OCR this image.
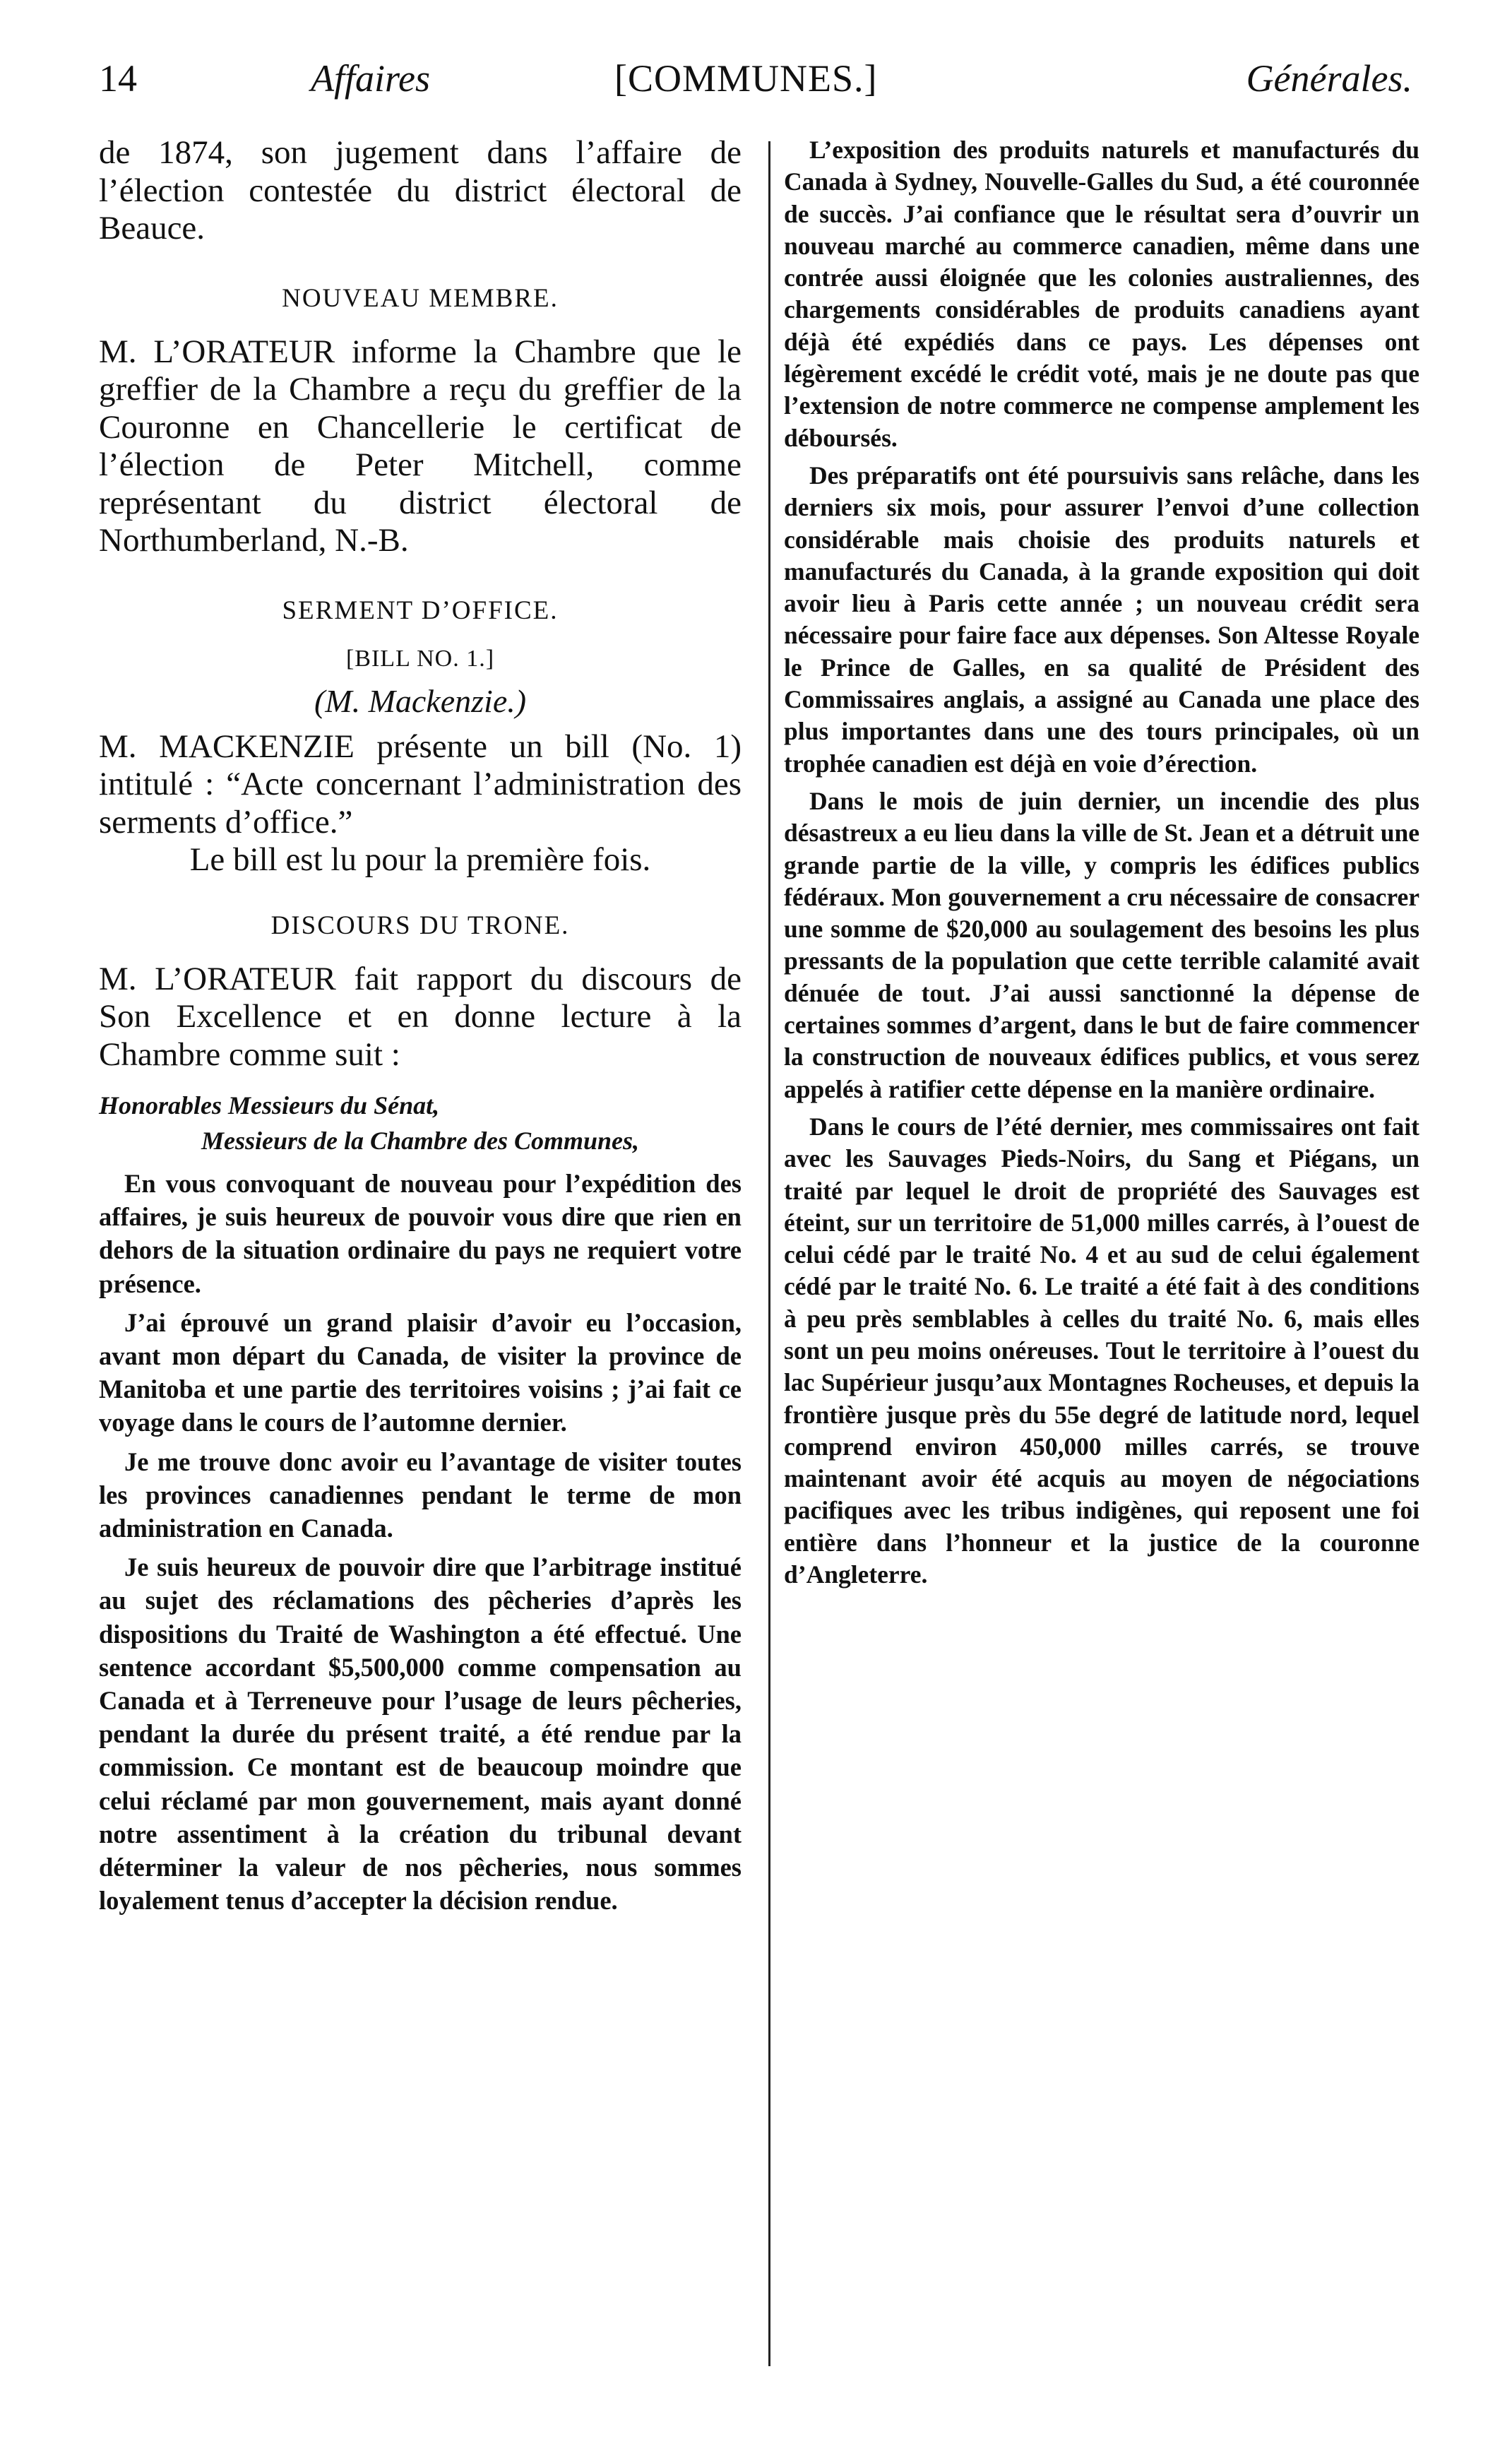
14	Affaires	[COMMUNES.]	Générales.

de 1874, son jugement dans l’affaire de l’élection contestée du district électoral de Beauce.

NOUVEAU MEMBRE.

M. L’ORATEUR informe la Chambre que le greffier de la Chambre a reçu du greffier de la Couronne en Chancellerie le certificat de l’élection de Peter Mitchell, comme représentant du district électoral de Northumberland, N.-B.

SERMENT D’OFFICE.
[BILL NO. 1.]
(M. Mackenzie.)

M. MACKENZIE présente un bill (No. 1) intitulé : “Acte concernant l’administration des serments d’office.”

Le bill est lu pour la première fois.

DISCOURS DU TRONE.

M. L’ORATEUR fait rapport du discours de Son Excellence et en donne lecture à la Chambre comme suit :

Honorables Messieurs du Sénat,
Messieurs de la Chambre des Communes,

En vous convoquant de nouveau pour l’expédition des affaires, je suis heureux de pouvoir vous dire que rien en dehors de la situation ordinaire du pays ne requiert votre présence.

J’ai éprouvé un grand plaisir d’avoir eu l’occasion, avant mon départ du Canada, de visiter la province de Manitoba et une partie des territoires voisins ; j’ai fait ce voyage dans le cours de l’automne dernier.

Je me trouve donc avoir eu l’avantage de visiter toutes les provinces canadiennes pendant le terme de mon administration en Canada.

Je suis heureux de pouvoir dire que l’arbitrage institué au sujet des réclamations des pêcheries d’après les dispositions du Traité de Washington a été effectué. Une sentence accordant $5,500,000 comme compensation au Canada et à Terreneuve pour l’usage de leurs pêcheries, pendant la durée du présent traité, a été rendue par la commission. Ce montant est de beaucoup moindre que celui réclamé par mon gouvernement, mais ayant donné notre assentiment à la création du tribunal devant déterminer la valeur de nos pêcheries, nous sommes loyalement tenus d’accepter la décision rendue.

L’exposition des produits naturels et manufacturés du Canada à Sydney, Nouvelle-Galles du Sud, a été couronnée de succès. J’ai confiance que le résultat sera d’ouvrir un nouveau marché au commerce canadien, même dans une contrée aussi éloignée que les colonies australiennes, des chargements considérables de produits canadiens ayant déjà été expédiés dans ce pays. Les dépenses ont légèrement excédé le crédit voté, mais je ne doute pas que l’extension de notre commerce ne compense amplement les déboursés.

Des préparatifs ont été poursuivis sans relâche, dans les derniers six mois, pour assurer l’envoi d’une collection considérable mais choisie des produits naturels et manufacturés du Canada, à la grande exposition qui doit avoir lieu à Paris cette année ; un nouveau crédit sera nécessaire pour faire face aux dépenses. Son Altesse Royale le Prince de Galles, en sa qualité de Président des Commissaires anglais, a assigné au Canada une place des plus importantes dans une des tours principales, où un trophée canadien est déjà en voie d’érection.

Dans le mois de juin dernier, un incendie des plus désastreux a eu lieu dans la ville de St. Jean et a détruit une grande partie de la ville, y compris les édifices publics fédéraux. Mon gouvernement a cru nécessaire de consacrer une somme de $20,000 au soulagement des besoins les plus pressants de la population que cette terrible calamité avait dénuée de tout. J’ai aussi sanctionné la dépense de certaines sommes d’argent, dans le but de faire commencer la construction de nouveaux édifices publics, et vous serez appelés à ratifier cette dépense en la manière ordinaire.

Dans le cours de l’été dernier, mes commissaires ont fait avec les Sauvages Pieds-Noirs, du Sang et Piégans, un traité par lequel le droit de propriété des Sauvages est éteint, sur un territoire de 51,000 milles carrés, à l’ouest de celui cédé par le traité No. 4 et au sud de celui également cédé par le traité No. 6. Le traité a été fait à des conditions à peu près semblables à celles du traité No. 6, mais elles sont un peu moins onéreuses. Tout le territoire à l’ouest du lac Supérieur jusqu’aux Montagnes Rocheuses, et depuis la frontière jusque près du 55e degré de latitude nord, lequel comprend environ 450,000 milles carrés, se trouve maintenant avoir été acquis au moyen de négociations pacifiques avec les tribus indigènes, qui reposent une foi entière dans l’honneur et la justice de la couronne d’Angleterre.
